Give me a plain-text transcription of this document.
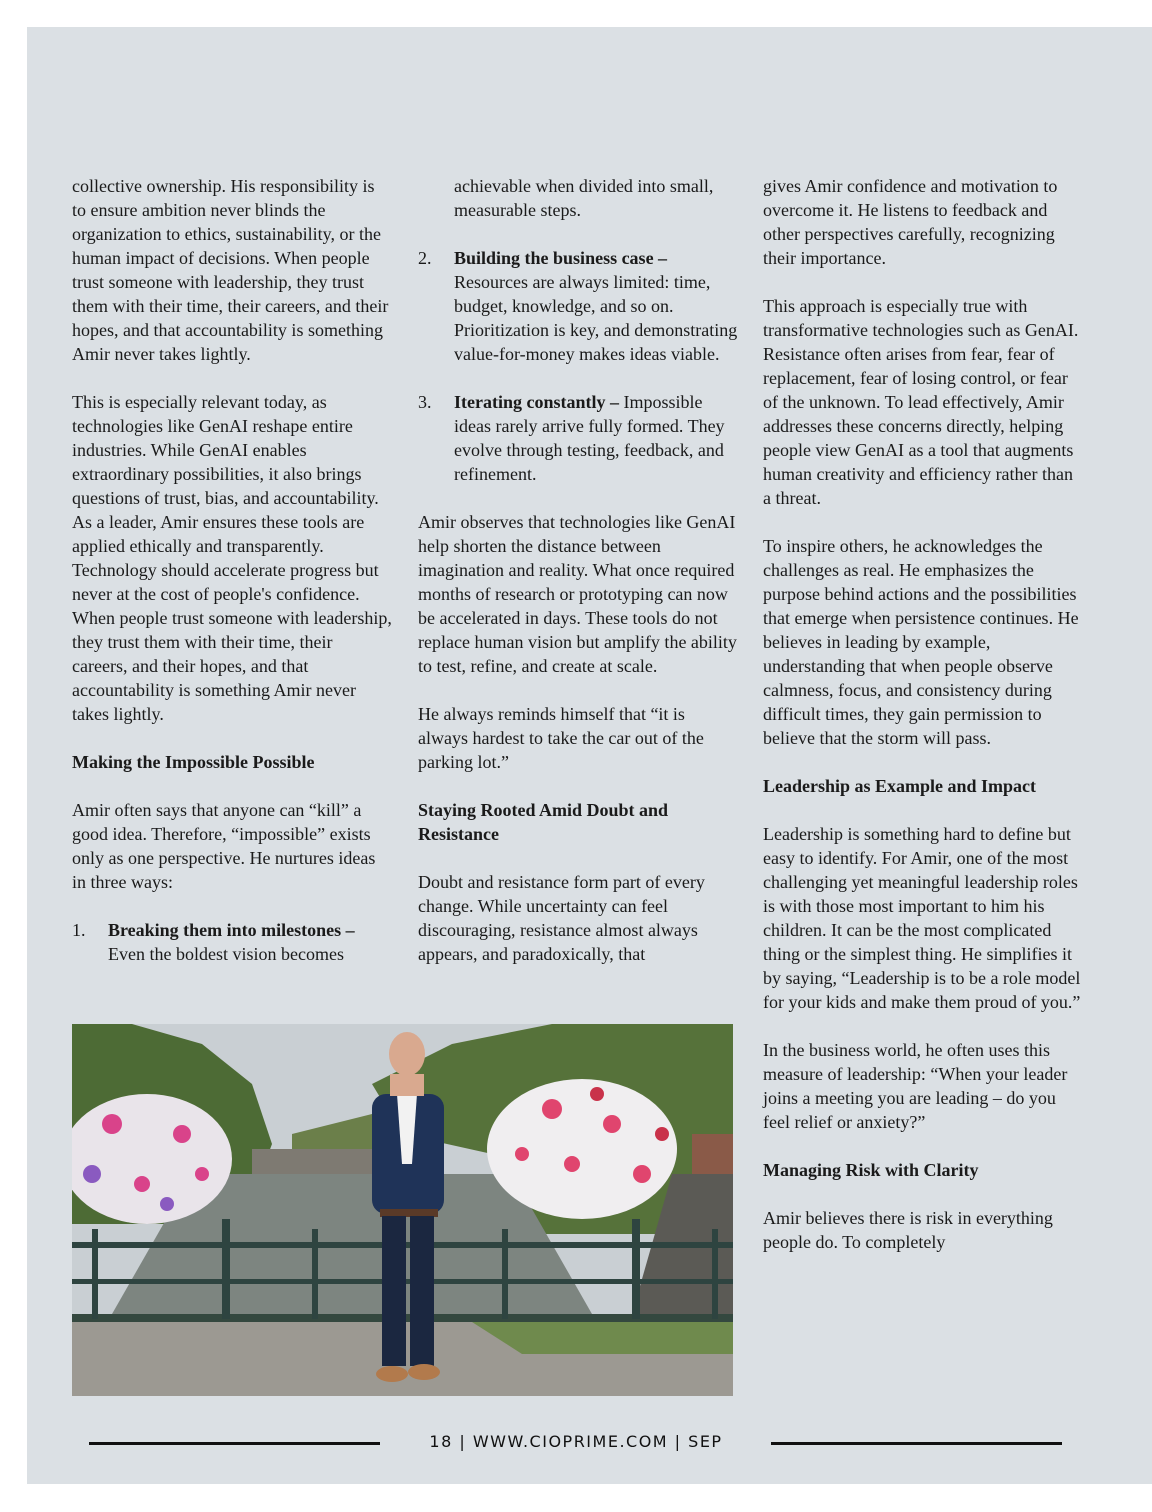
collective ownership. His responsibility is to ensure ambition never blinds the organization to ethics, sustainability, or the human impact of decisions. When people trust someone with leadership, they trust them with their time, their careers, and their hopes, and that accountability is something Amir never takes lightly.

This is especially relevant today, as technologies like GenAI reshape entire industries. While GenAI enables extraordinary possibilities, it also brings questions of trust, bias, and accountability. As a leader, Amir ensures these tools are applied ethically and transparently. Technology should accelerate progress but never at the cost of people's confidence. When people trust someone with leadership, they trust them with their time, their careers, and their hopes, and that accountability is something Amir never takes lightly.

Making the Impossible Possible

Amir often says that anyone can “kill” a good idea. Therefore, “impossible” exists only as one perspective. He nurtures ideas in three ways:

1. Breaking them into milestones – Even the boldest vision becomes
achievable when divided into small, measurable steps.
2. Building the business case – Resources are always limited: time, budget, knowledge, and so on. Prioritization is key, and demonstrating value-for-money makes ideas viable.
3. Iterating constantly – Impossible ideas rarely arrive fully formed. They evolve through testing, feedback, and refinement.

Amir observes that technologies like GenAI help shorten the distance between imagination and reality. What once required months of research or prototyping can now be accelerated in days. These tools do not replace human vision but amplify the ability to test, refine, and create at scale.

He always reminds himself that “it is always hardest to take the car out of the parking lot.”

Staying Rooted Amid Doubt and Resistance

Doubt and resistance form part of every change. While uncertainty can feel discouraging, resistance almost always appears, and paradoxically, that

gives Amir confidence and motivation to overcome it. He listens to feedback and other perspectives carefully, recognizing their importance.

This approach is especially true with transformative technologies such as GenAI. Resistance often arises from fear, fear of replacement, fear of losing control, or fear of the unknown. To lead effectively, Amir addresses these concerns directly, helping people view GenAI as a tool that augments human creativity and efficiency rather than a threat.

To inspire others, he acknowledges the challenges as real. He emphasizes the purpose behind actions and the possibilities that emerge when persistence continues. He believes in leading by example, understanding that when people observe calmness, focus, and consistency during difficult times, they gain permission to believe that the storm will pass.

Leadership as Example and Impact

Leadership is something hard to define but easy to identify. For Amir, one of the most challenging yet meaningful leadership roles is with those most important to him his children. It can be the most complicated thing or the simplest thing. He simplifies it by saying, “Leadership is to be a role model for your kids and make them proud of you.”

In the business world, he often uses this measure of leadership: “When your leader joins a meeting you are leading – do you feel relief or anxiety?”

Managing Risk with Clarity

Amir believes there is risk in everything people do. To completely

18 | WWW.CIOPRIME.COM | SEP
